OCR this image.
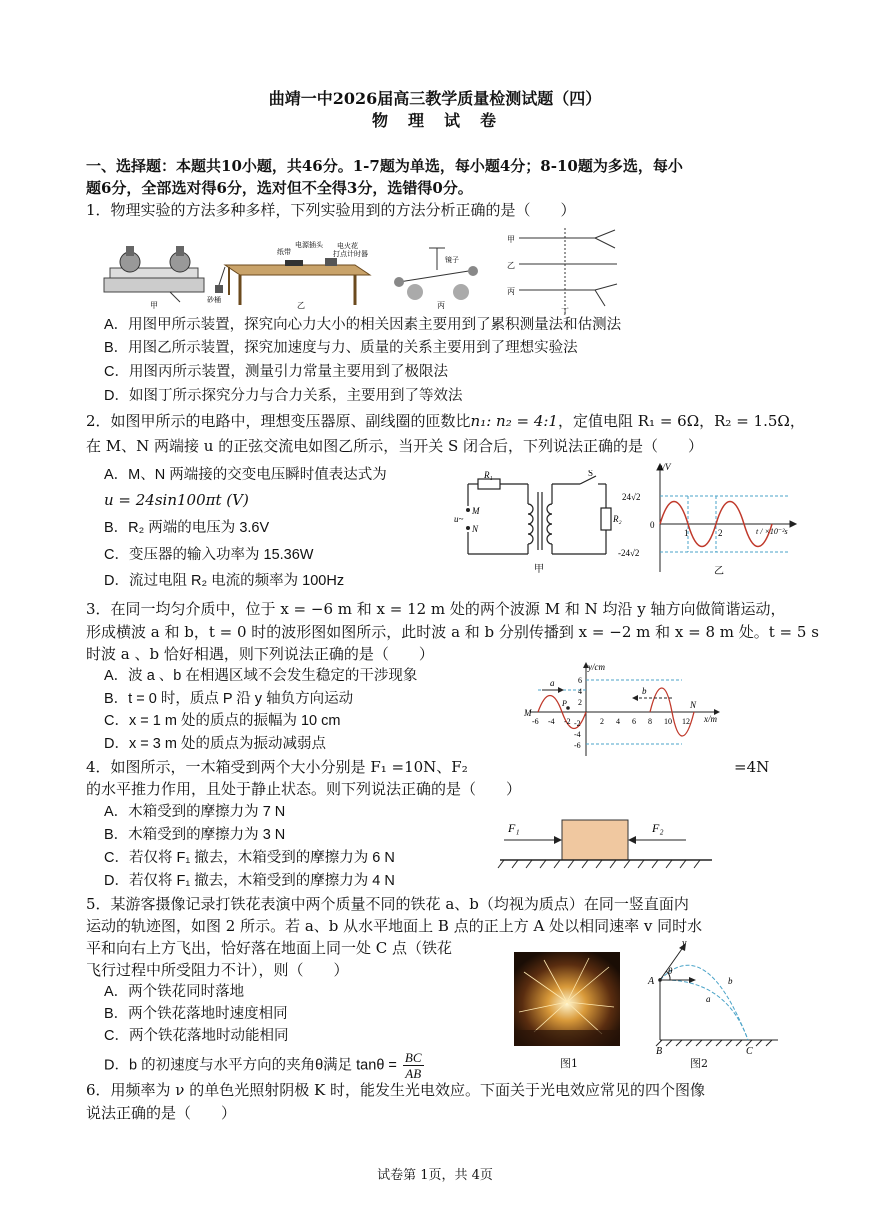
曲靖一中2026届高三教学质量检测试题（四）
物　理　试　卷
一、选择题：本题共10小题，共46分。1-7题为单选，每小题4分；8-10题为多选，每小
题6分，全部选对得6分，选对但不全得3分，选错得0分。
1．物理实验的方法多种多样，下列实验用到的方法分析正确的是（　　）
甲
砂桶
纸带
电源插头 电火花
打点计时器
乙
镜子
丙
甲
乙
丙
丁
A．用图甲所示装置，探究向心力大小的相关因素主要用到了累积测量法和估测法
B．用图乙所示装置，探究加速度与力、质量的关系主要用到了理想实验法
C．用图丙所示装置，测量引力常量主要用到了极限法
D．如图丁所示探究分力与合力关系，主要用到了等效法
2．如图甲所示的电路中，理想变压器原、副线圈的匝数比n₁: n₂ = 4:1，定值电阻 R₁ = 6Ω，R₂ = 1.5Ω，
在 M、N 两端接 u 的正弦交流电如图乙所示，当开关 S 闭合后，下列说法正确的是（　　）
A．M、N 两端接的交变电压瞬时值表达式为
u = 24sin100πt (V)
B．R₂ 两端的电压为 3.6V
C．变压器的输入功率为 15.36W
D．流过电阻 R₂ 电流的频率为 100Hz
R₁
R₂
S
M
N
u~
甲
u/V
24√2
-24√2
0
1	2	t / ×10⁻²s
乙
3．在同一均匀介质中，位于 x = −6 m 和 x = 12 m 处的两个波源 M 和 N 均沿 y 轴方向做简谐运动，
形成横波 a 和 b，t = 0 时的波形图如图所示，此时波 a 和 b 分别传播到 x = −2 m 和 x = 8 m 处。t = 5 s
时波 a 、b 恰好相遇，则下列说法正确的是（　　）
A．波 a 、b 在相遇区域不会发生稳定的干涉现象
B．t = 0 时，质点 P 沿 y 轴负方向运动
C．x = 1 m 处的质点的振幅为 10 cm
D．x = 3 m 处的质点为振动减弱点
y/cm
x/m
a
b
P
M
N
-6 -4 -2	2 4 6 8 10 12
6
4
2
-2
-4
-6
4．如图所示，一木箱受到两个大小分别是 F₁ =10N、F₂	=4N
的水平推力作用，且处于静止状态。则下列说法正确的是（　　）
A．木箱受到的摩擦力为 7 N
B．木箱受到的摩擦力为 3 N
C．若仅将 F₁ 撤去，木箱受到的摩擦力为 6 N
D．若仅将 F₁ 撤去，木箱受到的摩擦力为 4 N
F₁	F₂
5．某游客摄像记录打铁花表演中两个质量不同的铁花 a、b（均视为质点）在同一竖直面内
运动的轨迹图，如图 2 所示。若 a、b 从水平地面上 B 点的正上方 A 处以相同速率 v 同时水
平和向右上方飞出，恰好落在地面上同一处 C 点（铁花
飞行过程中所受阻力不计），则（　　）
A．两个铁花同时落地
B．两个铁花落地时速度相同
C．两个铁花落地时动能相同
D．b 的初速度与水平方向的夹角θ满足 $\tan\theta = \frac{BC}{AB}$	图1
v
θ
A
B	C
a
b
图2
6．用频率为 ν 的单色光照射阴极 K 时，能发生光电效应。下面关于光电效应常见的四个图像
说法正确的是（　　）
试卷第 1页，共 4页
